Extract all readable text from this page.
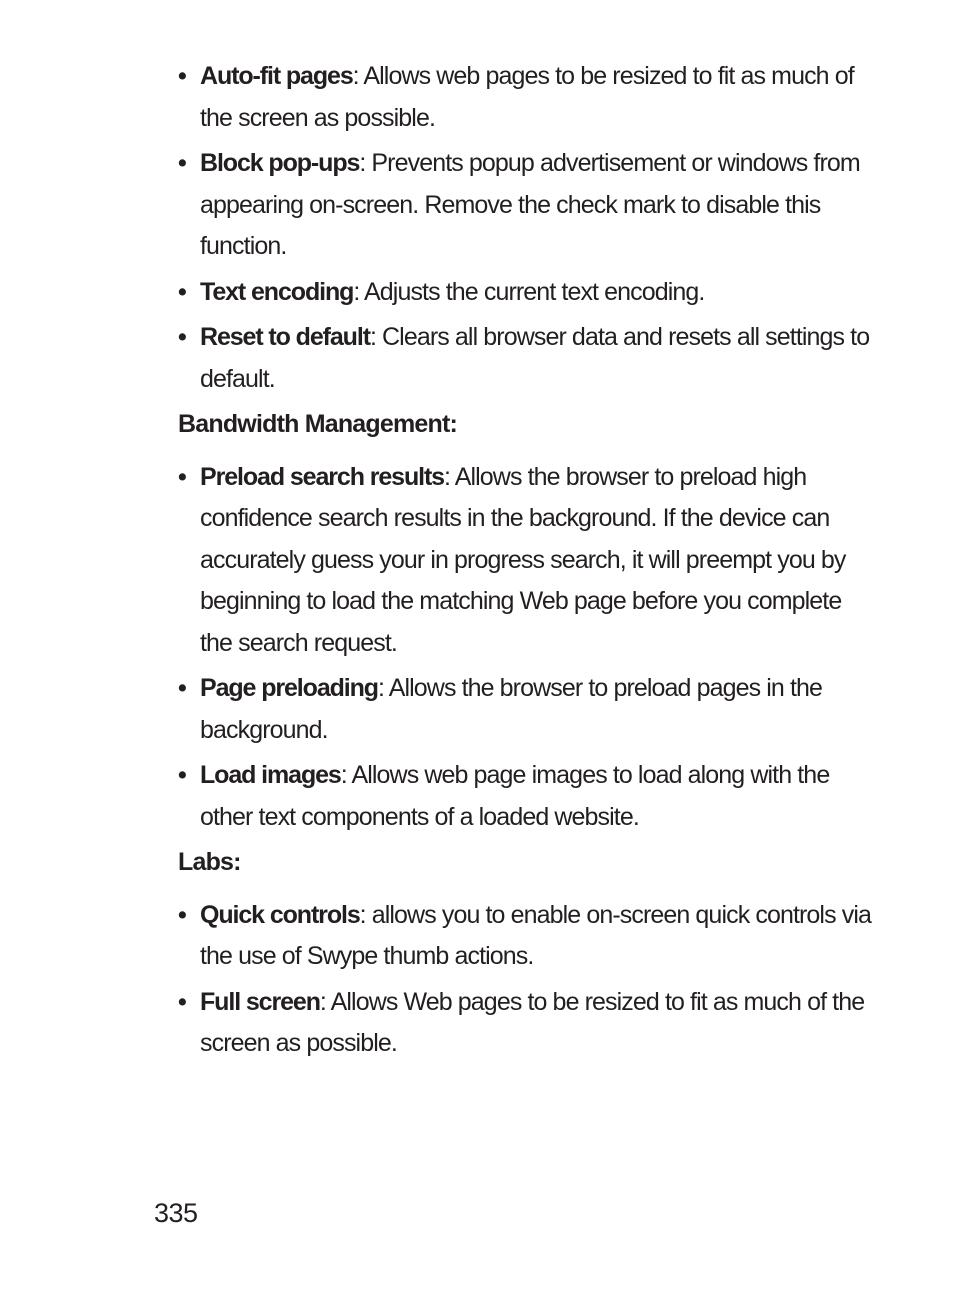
• Auto-fit pages: Allows web pages to be resized to fit as much of the screen as possible.
• Block pop-ups: Prevents popup advertisement or windows from appearing on-screen. Remove the check mark to disable this function.
• Text encoding: Adjusts the current text encoding.
• Reset to default: Clears all browser data and resets all settings to default.
Bandwidth Management:
• Preload search results: Allows the browser to preload high confidence search results in the background. If the device can accurately guess your in progress search, it will preempt you by beginning to load the matching Web page before you complete the search request.
• Page preloading: Allows the browser to preload pages in the background.
• Load images: Allows web page images to load along with the other text components of a loaded website.
Labs:
• Quick controls: allows you to enable on-screen quick controls via the use of Swype thumb actions.
• Full screen: Allows Web pages to be resized to fit as much of the screen as possible.
335
